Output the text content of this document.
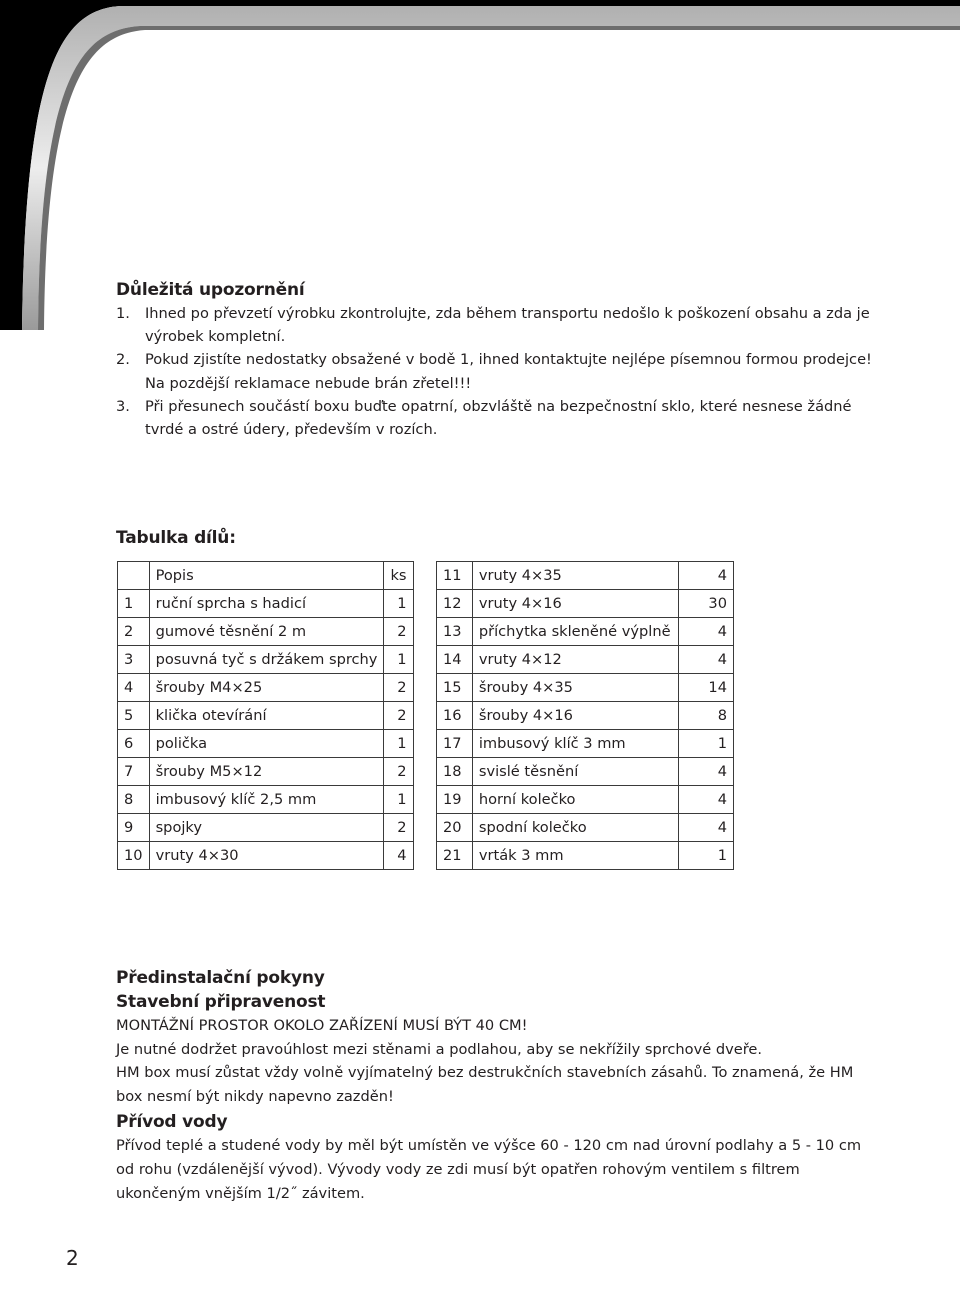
Důležitá upozornění
1. Ihned po převzetí výrobku zkontrolujte, zda během transportu nedošlo k poškození obsahu a zda je výrobek kompletní.
2. Pokud zjistíte nedostatky obsažené v bodě 1, ihned kontaktujte nejlépe písemnou formou prodejce! Na pozdější reklamace nebude brán zřetel!!!
3. Při přesunech součástí boxu buďte opatrní, obzvláště na bezpečnostní sklo, které nesnese žádné tvrdé a ostré údery, především v rozích.
Tabulka dílů:
	Popis	ks
1	ruční sprcha s hadicí	1
2	gumové těsnění 2 m	2
3	posuvná tyč s držákem sprchy	1
4	šrouby M4×25	2
5	klička otevírání	2
6	polička	1
7	šrouby M5×12	2
8	imbusový klíč 2,5 mm	1
9	spojky	2
10	vruty 4×30	4
11	vruty 4×35	4
12	vruty 4×16	30
13	příchytka skleněné výplně	4
14	vruty 4×12	4
15	šrouby 4×35	14
16	šrouby 4×16	8
17	imbusový klíč 3 mm	1
18	svislé těsnění	4
19	horní kolečko	4
20	spodní kolečko	4
21	vrták 3 mm	1
Předinstalační pokyny
Stavební připravenost

MONTÁŽNÍ PROSTOR OKOLO ZAŘÍZENÍ MUSÍ BÝT 40 CM!

Je nutné dodržet pravoúhlost mezi stěnami a podlahou, aby se nekřížily sprchové dveře.

HM box musí zůstat vždy volně vyjímatelný bez destrukčních stavebních zásahů. To znamená, že HM box nesmí být nikdy napevno zazděn!

Přívod vody

Přívod teplé a studené vody by měl být umístěn ve výšce 60 - 120 cm nad úrovní podlahy a 5 - 10 cm od rohu (vzdálenější vývod). Vývody vody ze zdi musí být opatřen rohovým ventilem s filtrem ukončeným vnějším 1/2˝ závitem.

2
